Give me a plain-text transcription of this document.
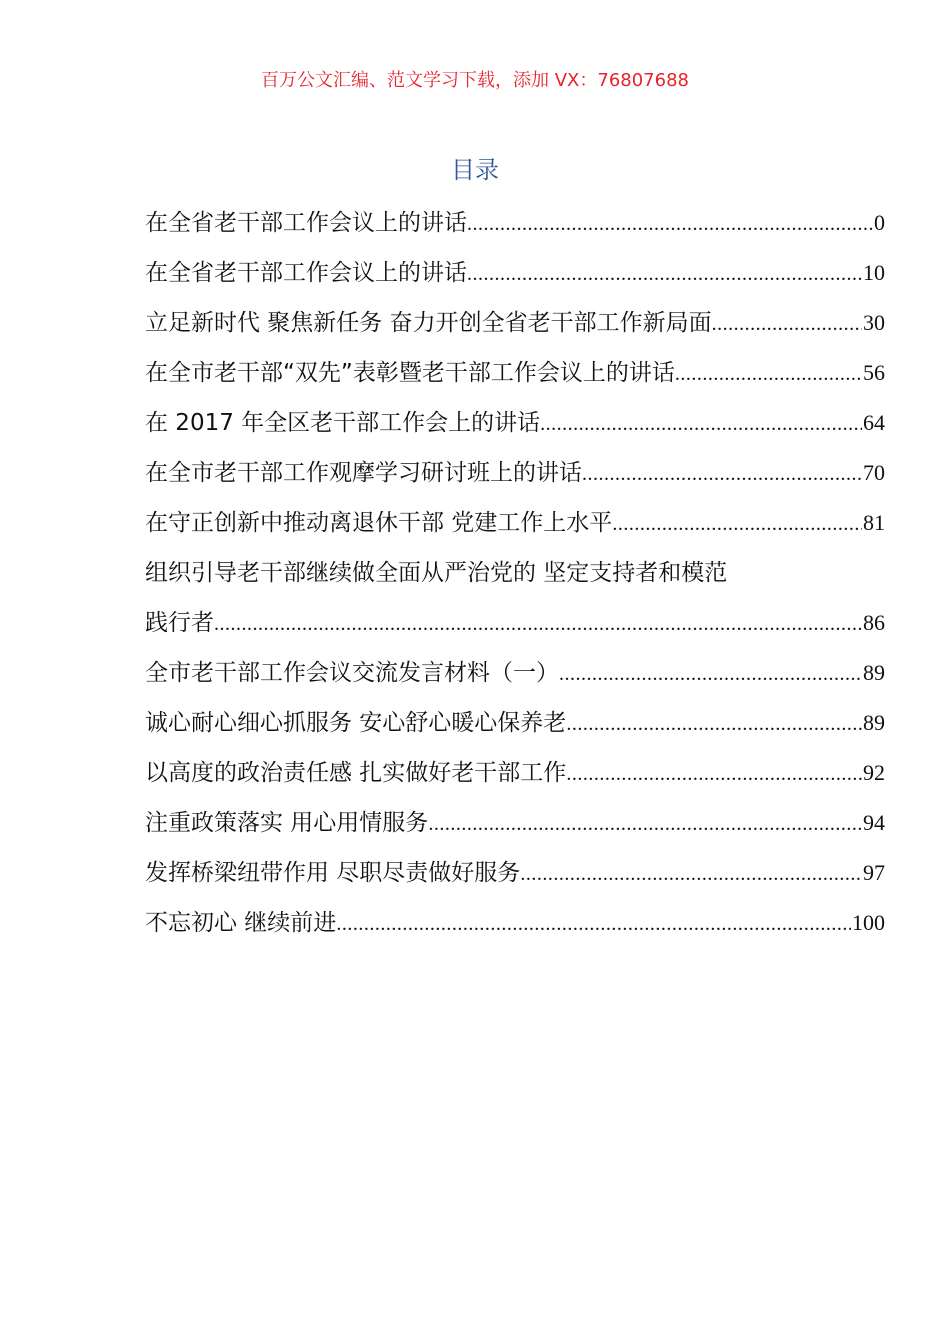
百万公文汇编、范文学习下载，添加 VX：76807688
目录
在全省老干部工作会议上的讲话 .....	0
在全省老干部工作会议上的讲话 .....	10
立足新时代 聚焦新任务 奋力开创全省老干部工作新局面 .....	30
在全市老干部“双先”表彰暨老干部工作会议上的讲话 .....	56
在 2017 年全区老干部工作会上的讲话 .....	64
在全市老干部工作观摩学习研讨班上的讲话 .....	70
在守正创新中推动离退休干部 党建工作上水平 .....	81
组织引导老干部继续做全面从严治党的 坚定支持者和模范
践行者 .....	86
全市老干部工作会议交流发言材料（一） .....	89
诚心耐心细心抓服务 安心舒心暖心保养老 .....	89
以高度的政治责任感 扎实做好老干部工作 .....	92
注重政策落实 用心用情服务 .....	94
发挥桥梁纽带作用 尽职尽责做好服务 .....	97
不忘初心 继续前进 .....	100
